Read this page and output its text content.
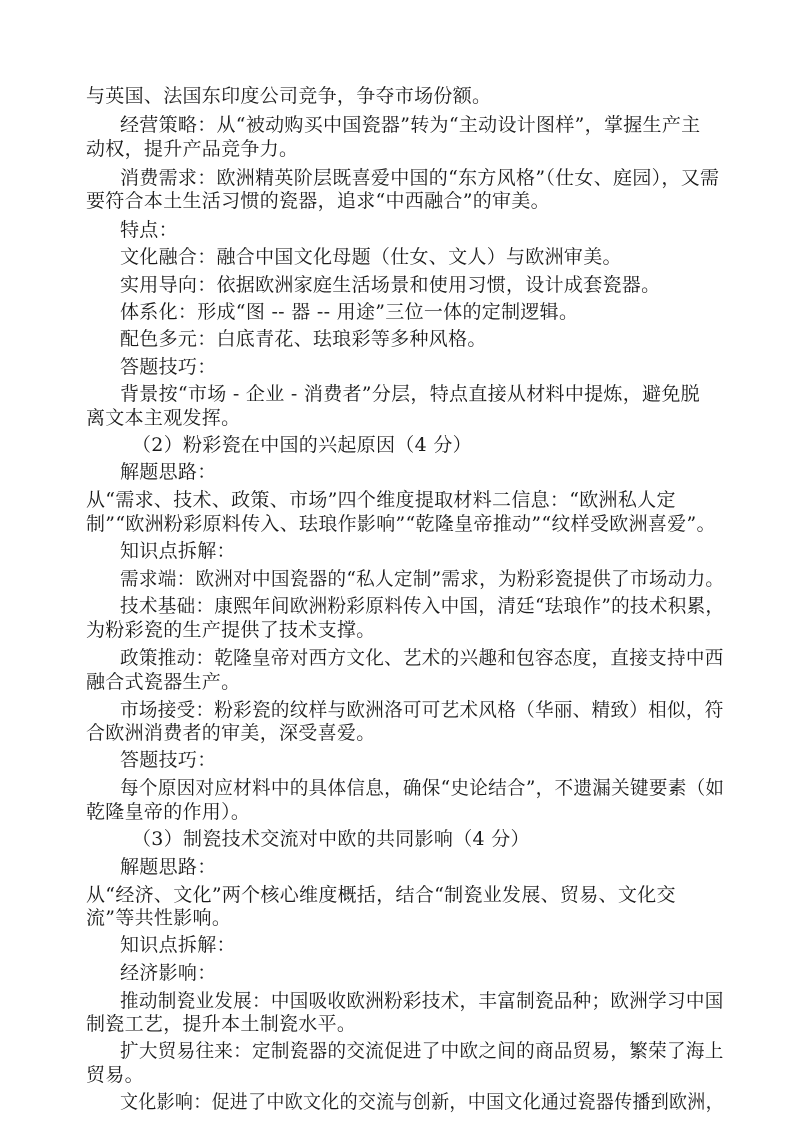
与英国、法国东印度公司竞争，争夺市场份额。
经营策略：从“被动购买中国瓷器”转为“主动设计图样”，掌握生产主
动权，提升产品竞争力。
消费需求：欧洲精英阶层既喜爱中国的“东方风格”（仕女、庭园），又需
要符合本土生活习惯的瓷器，追求“中西融合”的审美。
特点：
文化融合：融合中国文化母题（仕女、文人）与欧洲审美。
实用导向：依据欧洲家庭生活场景和使用习惯，设计成套瓷器。
体系化：形成“图 -- 器 -- 用途”三位一体的定制逻辑。
配色多元：白底青花、珐琅彩等多种风格。
答题技巧：
背景按“市场 - 企业 - 消费者”分层，特点直接从材料中提炼，避免脱
离文本主观发挥。
（2）粉彩瓷在中国的兴起原因（4 分）
解题思路：
从“需求、技术、政策、市场”四个维度提取材料二信息：“欧洲私人定
制”“欧洲粉彩原料传入、珐琅作影响”“乾隆皇帝推动”“纹样受欧洲喜爱”。
知识点拆解：
需求端：欧洲对中国瓷器的“私人定制”需求，为粉彩瓷提供了市场动力。
技术基础：康熙年间欧洲粉彩原料传入中国，清廷“珐琅作”的技术积累，
为粉彩瓷的生产提供了技术支撑。
政策推动：乾隆皇帝对西方文化、艺术的兴趣和包容态度，直接支持中西
融合式瓷器生产。
市场接受：粉彩瓷的纹样与欧洲洛可可艺术风格（华丽、精致）相似，符
合欧洲消费者的审美，深受喜爱。
答题技巧：
每个原因对应材料中的具体信息，确保“史论结合”，不遗漏关键要素（如
乾隆皇帝的作用）。
（3）制瓷技术交流对中欧的共同影响（4 分）
解题思路：
从“经济、文化”两个核心维度概括，结合“制瓷业发展、贸易、文化交
流”等共性影响。
知识点拆解：
经济影响：
推动制瓷业发展：中国吸收欧洲粉彩技术，丰富制瓷品种；欧洲学习中国
制瓷工艺，提升本土制瓷水平。
扩大贸易往来：定制瓷器的交流促进了中欧之间的商品贸易，繁荣了海上
贸易。
文化影响：促进了中欧文化的交流与创新，中国文化通过瓷器传播到欧洲，
